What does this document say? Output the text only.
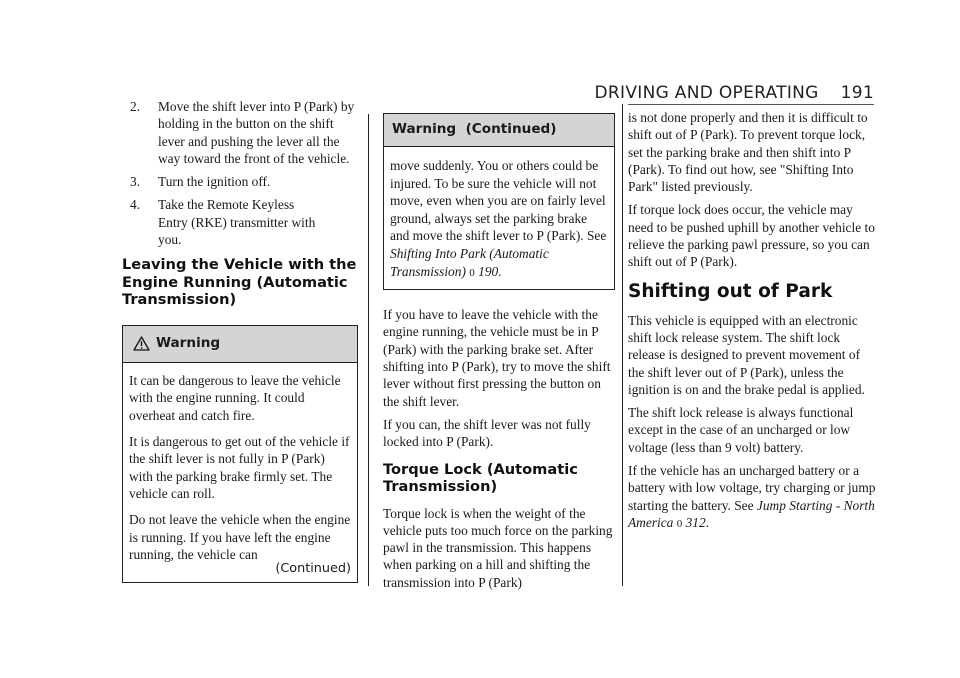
DRIVING AND OPERATING 191
2.	Move the shift lever into P (Park) by holding in the button on the shift lever and pushing the lever all the way toward the front of the vehicle.
3.	Turn the ignition off.
4.	Take the Remote Keyless Entry (RKE) transmitter with you.
Leaving the Vehicle with the Engine Running (Automatic Transmission)
Warning

It can be dangerous to leave the vehicle with the engine running. It could overheat and catch fire.

It is dangerous to get out of the vehicle if the shift lever is not fully in P (Park) with the parking brake firmly set. The vehicle can roll.

Do not leave the vehicle when the engine is running. If you have left the engine running, the vehicle can

(Continued)
Warning  (Continued)

move suddenly. You or others could be injured. To be sure the vehicle will not move, even when you are on fairly level ground, always set the parking brake and move the shift lever to P (Park). See Shifting Into Park (Automatic Transmission) 0 190.

If you have to leave the vehicle with the engine running, the vehicle must be in P (Park) with the parking brake set. After shifting into P (Park), try to move the shift lever without first pressing the button on the shift lever.

If you can, the shift lever was not fully locked into P (Park).

Torque Lock (Automatic Transmission)

Torque lock is when the weight of the vehicle puts too much force on the parking pawl in the transmission. This happens when parking on a hill and shifting the transmission into P (Park)

is not done properly and then it is difficult to shift out of P (Park). To prevent torque lock, set the parking brake and then shift into P (Park). To find out how, see "Shifting Into Park" listed previously.

If torque lock does occur, the vehicle may need to be pushed uphill by another vehicle to relieve the parking pawl pressure, so you can shift out of P (Park).

Shifting out of Park

This vehicle is equipped with an electronic shift lock release system. The shift lock release is designed to prevent movement of the shift lever out of P (Park), unless the ignition is on and the brake pedal is applied.

The shift lock release is always functional except in the case of an uncharged or low voltage (less than 9 volt) battery.

If the vehicle has an uncharged battery or a battery with low voltage, try charging or jump starting the battery. See Jump Starting - North America 0 312.
